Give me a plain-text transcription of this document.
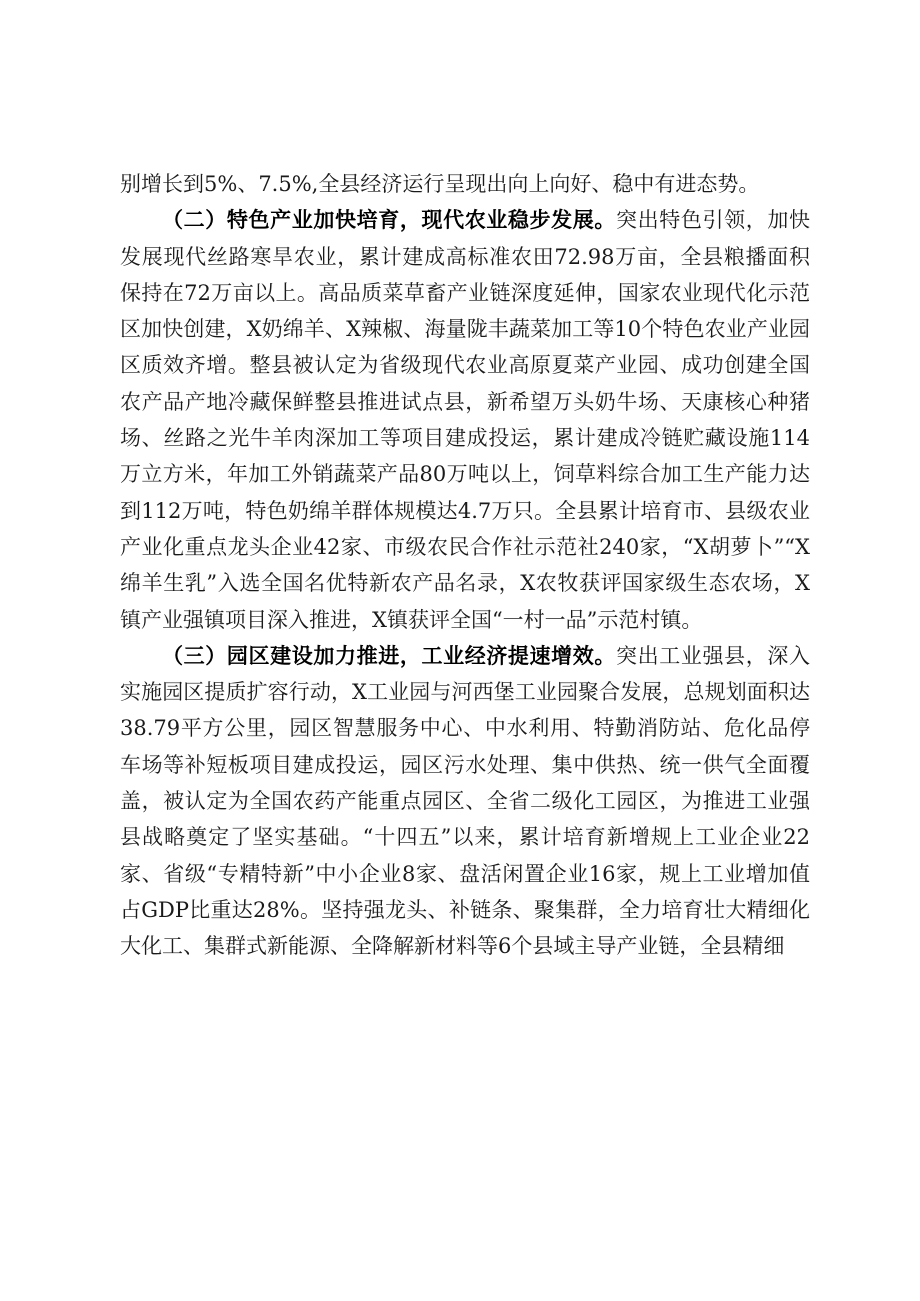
别增长到5%、7.5%,全县经济运行呈现出向上向好、稳中有进态势。

（二）特色产业加快培育，现代农业稳步发展。突出特色引领，加快发展现代丝路寒旱农业，累计建成高标准农田72.98万亩，全县粮播面积保持在72万亩以上。高品质菜草畜产业链深度延伸，国家农业现代化示范区加快创建，X奶绵羊、X辣椒、海量陇丰蔬菜加工等10个特色农业产业园区质效齐增。整县被认定为省级现代农业高原夏菜产业园、成功创建全国农产品产地冷藏保鲜整县推进试点县，新希望万头奶牛场、天康核心种猪场、丝路之光牛羊肉深加工等项目建成投运，累计建成冷链贮藏设施114万立方米，年加工外销蔬菜产品80万吨以上，饲草料综合加工生产能力达到112万吨，特色奶绵羊群体规模达4.7万只。全县累计培育市、县级农业产业化重点龙头企业42家、市级农民合作社示范社240家，“X胡萝卜”“X绵羊生乳”入选全国名优特新农产品名录，X农牧获评国家级生态农场，X镇产业强镇项目深入推进，X镇获评全国“一村一品”示范村镇。

（三）园区建设加力推进，工业经济提速增效。突出工业强县，深入实施园区提质扩容行动，X工业园与河西堡工业园聚合发展，总规划面积达38.79平方公里，园区智慧服务中心、中水利用、特勤消防站、危化品停车场等补短板项目建成投运，园区污水处理、集中供热、统一供气全面覆盖，被认定为全国农药产能重点园区、全省二级化工园区，为推进工业强县战略奠定了坚实基础。“十四五”以来，累计培育新增规上工业企业22家、省级“专精特新”中小企业8家、盘活闲置企业16家，规上工业增加值占GDP比重达28%。坚持强龙头、补链条、聚集群，全力培育壮大精细化大化工、集群式新能源、全降解新材料等6个县域主导产业链，全县精细
